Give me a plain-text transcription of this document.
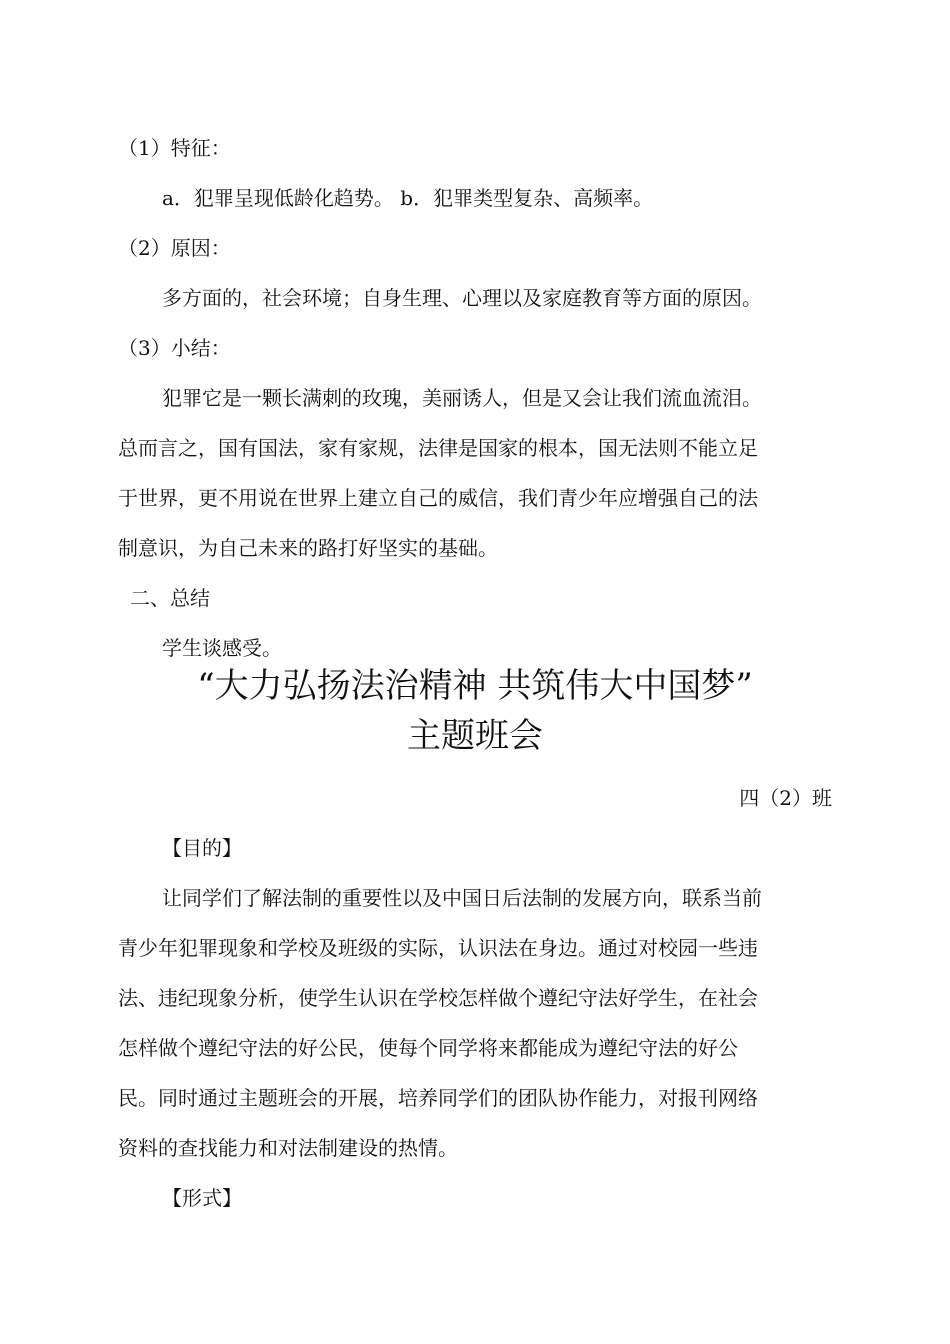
（1）特征：
a．犯罪呈现低龄化趋势。 b．犯罪类型复杂、高频率。
（2）原因：
多方面的，社会环境；自身生理、心理以及家庭教育等方面的原因。
（3）小结：
犯罪它是一颗长满刺的玫瑰，美丽诱人，但是又会让我们流血流泪。
总而言之，国有国法，家有家规，法律是国家的根本，国无法则不能立足
于世界，更不用说在世界上建立自己的威信，我们青少年应增强自己的法
制意识，为自己未来的路打好坚实的基础。
二、总结
学生谈感受。
“大力弘扬法治精神 共筑伟大中国梦”
主题班会
四（2）班
【目的】
让同学们了解法制的重要性以及中国日后法制的发展方向，联系当前
青少年犯罪现象和学校及班级的实际，认识法在身边。通过对校园一些违
法、违纪现象分析，使学生认识在学校怎样做个遵纪守法好学生，在社会
怎样做个遵纪守法的好公民，使每个同学将来都能成为遵纪守法的好公
民。同时通过主题班会的开展，培养同学们的团队协作能力，对报刊网络
资料的查找能力和对法制建设的热情。
【形式】
